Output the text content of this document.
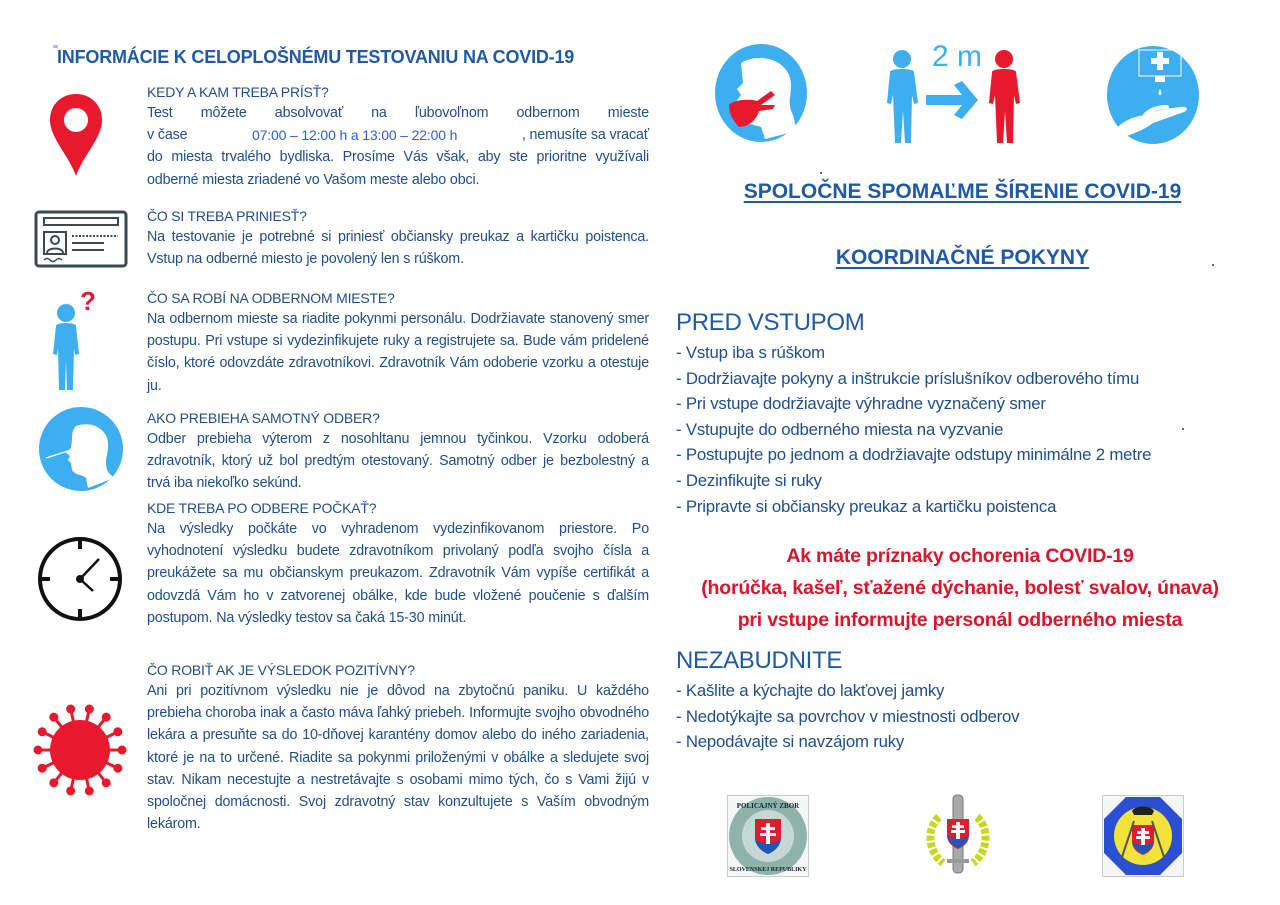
INFORMÁCIE K CELOPLOŠNÉMU TESTOVANIU NA COVID-19
KEDY A KAM TREBA PRÍSŤ?
Test môžete absolvovať na ľubovoľnom odbernom mieste
v čase	07:00 – 12:00 h a 13:00 – 22:00 h	, nemusíte sa vracať
do miesta trvalého bydliska. Prosíme Vás však, aby ste prioritne využívali odberné miesta zriadené vo Vašom meste alebo obci.
ČO SI TREBA PRINIESŤ?
Na testovanie je potrebné si priniesť občiansky preukaz a kartičku poistenca. Vstup na odberné miesto je povolený len s rúškom.
?	ČO SA ROBÍ NA ODBERNOM MIESTE?
Na odbernom mieste sa riadite pokynmi personálu. Dodržiavate stanovený smer postupu. Pri vstupe si vydezinfikujete ruky a registrujete sa. Bude vám pridelené číslo, ktoré odovzdáte zdravotníkovi. Zdravotník Vám odoberie vzorku a otestuje ju.
AKO PREBIEHA SAMOTNÝ ODBER?
Odber prebieha výterom z nosohltanu jemnou tyčinkou. Vzorku odoberá zdravotník, ktorý už bol predtým otestovaný. Samotný odber je bezbolestný a trvá iba niekoľko sekúnd.
KDE TREBA PO ODBERE POČKAŤ?
Na výsledky počkáte vo vyhradenom vydezinfikovanom priestore. Po vyhodnotení výsledku budete zdravotníkom privolaný podľa svojho čísla a preukážete sa mu občianskym preukazom. Zdravotník Vám vypíše certifikát a odovzdá Vám ho v zatvorenej obálke, kde bude vložené poučenie s ďalším postupom. Na výsledky testov sa čaká 15-30 minút.
ČO ROBIŤ AK JE VÝSLEDOK POZITÍVNY?
Ani pri pozitívnom výsledku nie je dôvod na zbytočnú paniku. U každého prebieha choroba inak a často máva ľahký priebeh. Informujte svojho obvodného lekára a presuňte sa do 10-dňovej karantény domov alebo do iného zariadenia, ktoré je na to určené. Riadite sa pokynmi priloženými v obálke a sledujete svoj stav. Nikam necestujte a nestretávajte s osobami mimo tých, čo s Vami žijú v spoločnej domácnosti. Svoj zdravotný stav konzultujete s Vaším obvodným lekárom.
2 m
SPOLOČNE SPOMAĽME ŠÍRENIE COVID-19
KOORDINAČNÉ POKYNY
PRED VSTUPOM
- Vstup iba s rúškom
- Dodržiavajte pokyny a inštrukcie príslušníkov odberového tímu
- Pri vstupe dodržiavajte výhradne vyznačený smer
- Vstupujte do odberného miesta na vyzvanie
- Postupujte po jednom a dodržiavajte odstupy minimálne 2 metre
- Dezinfikujte si ruky
- Pripravte si občiansky preukaz a kartičku poistenca
Ak máte príznaky ochorenia COVID-19
(horúčka, kašeľ, sťažené dýchanie, bolesť svalov, únava)
pri vstupe informujte personál odberného miesta
NEZABUDNITE
- Kašlite a kýchajte do lakťovej jamky
- Nedotýkajte sa povrchov v miestnosti odberov
- Nepodávajte si navzájom ruky
POLICAJNÝ ZBOR
SLOVENSKEJ REPUBLIKY
